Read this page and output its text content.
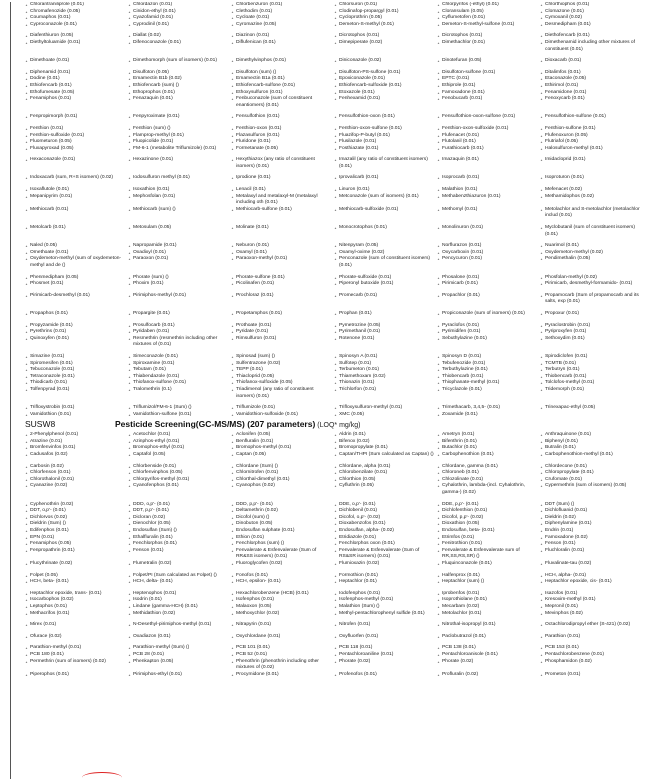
▲ Chlorantraniliprole (0.01)	▲ Chlordazon (0.01)	▲ Chlorbenzuron (0.01)	▲ Chlorsuron (0.01)	▲ Chlorpyrifos (-ethyl) (0.01)	▲ Chlorthiophos (0.01)
▲ Chromafenozide (0.05)	▲ Cinidon-ethyl (0.01)	▲ Clethodim (0.01)	▲ Clodinafop-propargyl (0.01)	▲ Cloransulam (0.05)	▲ Clomazone (0.01)
▲ Coumaphos (0.01)	▲ Cyazofamid (0.01)	▲ Cycloate (0.01)	▲ Cycloprothrin (0.05)	▲ Cyflumetofen (0.01)	▲ Cymoxanil (0.02)
▲ Cyproconazole (0.01)	▲ Cyprodinil (0.01)	▲ Cyromazine (0.05)	▲ Demeton-S-methyl (0.01)	▲ Demeton-S-methyl-sulfone (0.01)	▲ Desmedipham (0.01)
▲ Diafenthiuron (0.05)	▲ Diallat (0.02)	▲ Diazinon (0.01)	▲ Dicrotophos (0.01)	▲ Dicrotophos (0.01)	▲ Diethofencarb (0.01)
▲ Diethyltoluamide (0.01)	▲ Difenoconazole (0.01)	▲ Diflufenican (0.01)	▲ Dimepiperate (0.02)	▲ Dimethachlor (0.01)	▲ Dimethenamid including other mixtures of constituent (0.01)
▲ Dimethoate (0.01)	▲ Dimethomorph (sum of isomers) (0.01)	▲ Dimethylvinphos (0.01)	▲ Diniconazole (0.02)	▲ Dinotefuran (0.05)	▲ Dioxacarb (0.01)
▲ Diphenamid (0.01)	▲ Disulfoton (0.05)	▲ Disulfoton (sum) ()	▲ Disulfoton-PS-sulfone (0.01)	▲ Disulfoton-sulfone (0.01)	▲ Ditalimfos (0.01)
▲ Dodine (0.01)	▲ Emamectin B1b (0.02)	▲ Emamectin B1a (0.01)	▲ Epoxiconazole (0.01)	▲ EPTC (0.01)	▲ Etaconazole (0.05)
▲ Ethiofencarb (0.01)	▲ Ethiofencarb (sum) ()	▲ Ethiofencarb-sulfone (0.01)	▲ Ethiofencarb-sulfoxide (0.01)	▲ Ethiprole (0.01)	▲ Ethirimol (0.01)
▲ Ethofumesate (0.05)	▲ Ethoprophos (0.01)	▲ Ethoxysulfuron (0.01)	▲ Etoxazole (0.01)	▲ Famoxadone (0.01)	▲ Fenamidone (0.01)
▲ Fenamiphos (0.01)	▲ Fenazaquin (0.01)	▲ Fenbuconazole (sum of constituent enantiomers) (0.01)
▲ Fenhexamid (0.01)	▲ Fenobucarb (0.01)	▲ Fenoxycarb (0.01)
▲ Fenpropimorph (0.01)	▲ Fenpyroximate (0.01)	▲ Fensulfothion (0.01)	▲ Fensulfothion-oxon (0.01)	▲ Fensulfothion-oxon-sulfone (0.01)	▲ Fensulfothion-sulfone (0.01)
▲ Fenthion (0.01)	▲ Fenthion (sum) ()	▲ Fenthion-oxon (0.01)	▲ Fenthion-oxon-sulfone (0.01)	▲ Fenthion-oxon-sulfoxide (0.01)	▲ Fenthion-sulfone (0.01)
▲ Fenthion-sulfoxide (0.01)	▲ Flamprop-methyl (0.01)	▲ Flazasulfuron (0.01)	▲ Fluazifop-P-butyl (0.01)	▲ Flufenacet (0.01)	▲ Flufenoxuron (0.05)
▲ Fluometuron (0.05)	▲ Fluopicolide (0.01)	▲ Fluridone (0.01)	▲ Flusilazole (0.01)	▲ Flutolanil (0.01)	▲ Flutriafol (0.05)
▲ Fluxapyroxad (0.05)	▲ FM-6-1 (metabolite Triflumizole) (0.01)	▲ Formetanate (0.05)	▲ Fosthiazate (0.01)	▲ Furathiocarb (0.01)	▲ Halosulfuron-methyl (0.01)
▲ Hexaconazole (0.01)	▲ Hexazinone (0.01)	▲ Hexythiazox (any ratio of constituent isomers) (0.01)
▲ Imazalil (any ratio of constituent isomers) (0.01)
▲ Imazaquin (0.01)	▲ Imidacloprid (0.01)
▲ Indoxacarb (sum, R+S isomers) (0.02)	▲ Iodosulfuron methyl (0.01)	▲ Iprodione (0.01)	▲ Iprovalicarb (0.01)	▲ Isoprocarb (0.01)	▲ Isoproturon (0.01)
▲ Isoxaflutole (0.01)	▲ Isoxathion (0.01)	▲ Lenacil (0.01)	▲ Linuron (0.01)	▲ Malathion (0.01)	▲ Mefenacet (0.02)
▲ Mepanipyrim (0.01)	▲ Mephosfolan (0.01)	▲ Metalaxyl and metalaxyl-M (metalaxyl including oth (0.01)
▲ Metconazole (sum of isomers) (0.01)	▲ Methabenzthiazuron (0.01)	▲ Methamidophos (0.02)
▲ Methiocarb (0.01)	▲ Methiocarb (sum) ()	▲ Methiocarb-sulfone (0.01)	▲ Methiocarb-sulfoxide (0.01)	▲ Methomyl (0.01)	▲ Metolachlor and S-metolachlor (metolachlor includ (0.01)
▲ Metolcarb (0.01)	▲ Metosulam (0.05)	▲ Molinate (0.01)	▲ Monocrotophos (0.01)	▲ Monolinuron (0.01)	▲ Myclobutanil (sum of constituent isomers) (0.01)
▲ Naled (0.05)	▲ Napropamide (0.01)	▲ Neburon (0.01)	▲ Nitenpyram (0.05)	▲ Norflurazon (0.01)	▲ Nuarimol (0.01)
▲ Omethoate (0.01)	▲ Oxadixyl (0.01)	▲ Oxamyl (0.01)	▲ Oxamyl-oxime (0.02)	▲ Oxycarboxin (0.01)	▲ Oxydemeton-methyl (0.02)
▲ Oxydemeton-methyl (sum of oxydemeton-methyl and de ()
▲ Paraoxon (0.01)	▲ Paraoxon-methyl (0.01)	▲ Penconazole (sum of constituent isomers) (0.01)
▲ Pencycuron (0.01)	▲ Pendimethalin (0.05)
▲ Phenmedipham (0.05)	▲ Phorate (sum) ()	▲ Phorate-sulfone (0.01)	▲ Phorate-sulfoxide (0.01)	▲ Phosalone (0.01)	▲ Phosfolan-methyl (0.02)
▲ Phosmet (0.01)	▲ Phoxim (0.01)	▲ Picolinafen (0.01)	▲ Piperonyl butoxide (0.01)	▲ Pirimicarb (0.01)	▲ Pirimicarb, desmethyl-formamido- (0.01)
▲ Pirimicarb-desmethyl (0.01)	▲ Pirimiphos-methyl (0.01)	▲ Prochloraz (0.01)	▲ Promecarb (0.01)	▲ Propachlor (0.01)	▲ Propamocarb (Sum of propamocarb and its salts, exp (0.01)
▲ Propaphos (0.01)	▲ Propargite (0.01)	▲ Propetamphos (0.01)	▲ Prophan (0.01)	▲ Propiconazole (sum of isomers) (0.01)	▲ Propoxur (0.01)
▲ Propyzamide (0.01)	▲ Prosulfocarb (0.01)	▲ Prothoate (0.01)	▲ Pymetrozine (0.05)	▲ Pyraclofos (0.01)	▲ Pyraclostrobin (0.01)
▲ Pyrethrins (0.01)	▲ Pyridaben (0.01)	▲ Pyridate (0.01)	▲ Pyrimethanil (0.01)	▲ Pyrimidifen (0.01)	▲ Pyriproxyfen (0.01)
▲ Quinoxyfen (0.01)	▲ Resmethrin (resmethrin including other mixtures of (0.01)
▲ Rimsulfuron (0.01)	▲ Rotenone (0.01)	▲ Sebuthylazine (0.01)	▲ Sethoxydim (0.01)
▲ Simazine (0.01)	▲ Simeconazole (0.01)	▲ Spinosad (sum) ()	▲ Spinosyn A (0.01)	▲ Spinosyn D (0.01)	▲ Spirodiclofen (0.01)
▲ Spiromesifen (0.01)	▲ Spiroxamine (0.01)	▲ Sulfentrazone (0.02)	▲ Sulfotep (0.01)	▲ Tebufenozide (0.01)	▲ TCMTB (0.01)
▲ Tebuconazole (0.01)	▲ Tebutam (0.01)	▲ TEPP (0.01)	▲ Terbumeton (0.01)	▲ Terbuthylazine (0.01)	▲ Terbutryn (0.01)
▲ Tetraconazole (0.01)	▲ Thiabendazole (0.01)	▲ Thiacloprid (0.05)	▲ Thiamethoxam (0.02)	▲ Thiobencarb (0.01)	▲ Thiobencarb (0.01)
▲ Thiodicarb (0.01)	▲ Thiofanox-sulfone (0.01)	▲ Thiofanox-sulfoxide (0.05)	▲ Thionazin (0.01)	▲ Thiophanate-methyl (0.01)	▲ Tolclofos-methyl (0.01)
▲ Tolfenpyrad (0.01)	▲ Tralomethrin (0.1)	▲ Triadimenol (any ratio of constituent isomers) (0.01)
▲ Trichlorfon (0.01)	▲ Tricyclazole (0.01)	▲ Tridemorph (0.01)
▲ Trifloxystrobin (0.01)	▲ Triflumizol/FM-6-1 (Sum) ()	▲ Triflumizole (0.01)	▲ Trifloxysulfuron-methyl (0.01)	▲ Trimethacarb, 3,4,5- (0.01)	▲ Trinexapac-ethyl (0.05)
▲ Vamidothion (0.01)	▲ Vamidothion-sulfone (0.01)	▲ Vamidothion-sulfoxide (0.01)	▲ XMC (0.05)	▲ Zoxamide (0.01)
SUSW8	Pesticide Screening(GC-MS/MS) (207 parameters) (LOQ* mg/kg)
▲ 2-Phenylphenol (0.01)	▲ Acetochlor (0.01)	▲ Aclonifen (0.05)	▲ Aldrin (0.01)	▲ Ametryn (0.01)	▲ Anthraquinone (0.01)
▲ Atrazine (0.01)	▲ Azinphos-ethyl (0.01)	▲ Benfluralin (0.01)	▲ Bifenox (0.02)	▲ Bifenthrin (0.01)	▲ Biphenyl (0.01)
▲ Bromfenvinfos (0.01)	▲ Bromophos-ethyl (0.01)	▲ Bromophos-methyl (0.01)	▲ Bromopropylate (0.01)	▲ Butachlor (0.01)	▲ Butralin (0.01)
▲ Cadusafos (0.02)	▲ Captafol (0.05)	▲ Captan (0.05)	▲ Captan/THPI (Sum calculated as Captan) ()	▲ Carbophenothion (0.01)	▲ Carbophenothion-methyl (0.01)
▲ Carbosin (0.02)	▲ Chlorbenside (0.01)	▲ Chlordane (Sum) ()	▲ Chlordane, alpha (0.01)	▲ Chlordane, gamma (0.01)	▲ Chlordecone (0.01)
▲ Chlorfenson (0.01)	▲ Chlorfenvinphos (0.05)	▲ Chlornitrofen (0.01)	▲ Chlorobenzilate (0.01)	▲ Chloroneb (0.01)	▲ Chloropropylate (0.01)
▲ Chlorothalonil (0.01)	▲ Chlorpyrifos-methyl (0.01)	▲ Chlorthal-dimethyl (0.01)	▲ Chlorthion (0.05)	▲ Chlozolinate (0.01)	▲ Crufomate (0.01)
▲ Cyanazine (0.02)	▲ Cyanofenphos (0.01)	▲ Cyanophos (0.02)	▲ Cyfluthrin (0.05)	▲ Cyhalothrin, lambda-(incl. Cyhalothrin, gamma-) (0.02)
▲ Cypermethrin (sum of isomers) (0.05)
▲ Cyphenothrin (0.02)	▲ DDD, o,p'- (0.01)	▲ DDD, p,p'- (0.01)	▲ DDE, o,p'- (0.01)	▲ DDE, p,p'- (0.01)	▲ DDT (Sum) ()
▲ DDT, o,p'- (0.01)	▲ DDT, p,p'- (0.01)	▲ Deltamethrin (0.02)	▲ Dichlobenil (0.01)	▲ Dichlofenthion (0.01)	▲ Dichlofluanid (0.01)
▲ Dichlorvos (0.02)	▲ Dicloran (0.02)	▲ Dicofol (sum) ()	▲ Dicofol, o,p'- (0.02)	▲ Dicofol, p,p'- (0.02)	▲ Dieldrin (0.02)
▲ Dieldrin (Sum) ()	▲ Dienochlor (0.05)	▲ Dinobuton (0.05)	▲ Dioxabenzofos (0.01)	▲ Dioxathion (0.05)	▲ Diphenylamine (0.01)
▲ Edifenphos (0.01)	▲ Endosulfan (Sum) ()	▲ Endosulfan sulphate (0.01)	▲ Endosulfan, alpha- (0.02)	▲ Endosulfan, beta- (0.01)	▲ Endrin (0.01)
▲ EPN (0.01)	▲ Ethalfluralin (0.01)	▲ Ethion (0.01)	▲ Etridiazole (0.01)	▲ Etrimfos (0.01)	▲ Famoxadone (0.02)
▲ Fenamiphos (0.05)	▲ Fenchlorphos (0.01)	▲ Fenchlorphos (sum) ()	▲ Fenchlorphos oxon (0.01)	▲ Fenitrothion (0.01)	▲ Fenson (0.01)
▲ Fenpropathrin (0.01)	▲ Fenson (0.01)	▲ Fenvalerate & Esfenvalerate (Sum of RR&SS isomers) (0.01)
▲ Fenvalerate & Esfenvalerate (Sum of RS&SR isomers) (0.01)
▲ Fenvalerate & Esfenvalerate sum of RR,SS,RS,SR) ()
▲ Fluchloralin (0.01)
▲ Flucythrinate (0.02)	▲ Flumetralin (0.02)	▲ Fluoroglycofen (0.02)	▲ Flumioxazin (0.02)	▲ Fluquinconazole (0.01)	▲ Fluvalinate-tau (0.02)
▲ Folpet (0.05)	▲ Folpet/PI (Sum calculated as Folpet) ()	▲ Fonofos (0.01)	▲ Formothion (0.01)	▲ Halfenprox (0.01)	▲ HCH, alpha- (0.01)
▲ HCH, beta- (0.01)	▲ HCH, delta- (0.01)	▲ HCH, epsilon- (0.01)	▲ Heptachlor (0.01)	▲ Heptachlor (sum) ()	▲ Heptachlor epoxide, cis- (0.01)
▲ Heptachlor epoxide, trans- (0.01)	▲ Heptenophos (0.01)	▲ Hexachlorobenzene (HCB) (0.01)	▲ Iodofenphos (0.01)	▲ Iprobenfos (0.01)	▲ Isazofos (0.01)
▲ Isocarbophos (0.02)	▲ Isodrin (0.01)	▲ Isofenphos (0.01)	▲ Isofenphos-methyl (0.01)	▲ Isoprothiolane (0.01)	▲ Kresoxim-methyl (0.01)
▲ Leptophos (0.01)	▲ Lindane (gamma-HCH) (0.01)	▲ Malaoxon (0.05)	▲ Malathion (Sum) ()	▲ Mecarbam (0.02)	▲ Mepronil (0.01)
▲ Methacrifos (0.01)	▲ Methidathion (0.02)	▲ Methoxychlor (0.02)	▲ Methyl-pentachlorophenyl sulfide (0.01)	▲ Metolachlor (0.01)	▲ Mevinphos (0.02)
▲ Mirex (0.01)	▲ N-Desethyl-pirimiphos-methyl (0.01)	▲ Nitrapyrin (0.01)	▲ Nitrofen (0.01)	▲ Nitrothal-isopropyl (0.01)	▲ Octachlorodipropyl ether (S-421) (0.02)
▲ Ofurace (0.02)	▲ Oxadiazon (0.01)	▲ Oxychlordane (0.01)	▲ Oxyfluorfen (0.01)	▲ Paclobutrazol (0.01)	▲ Parathion (0.01)
▲ Parathion-methyl (0.01)	▲ Parathion-methyl (Sum) ()	▲ PCB 101 (0.01)	▲ PCB 118 (0.01)	▲ PCB 138 (0.01)	▲ PCB 153 (0.01)
▲ PCB 180 (0.01)	▲ PCB 28 (0.01)	▲ PCB 52 (0.01)	▲ Pentachloroaniline (0.01)	▲ Pentachloroanisole (0.01)	▲ Pentachlorobenzene (0.01)
▲ Permethrin (sum of isomers) (0.02)	▲ Phenkapton (0.05)	▲ Phenothrin (phenothrin including other mixtures of (0.02)
▲ Phorate (0.02)	▲ Phorate (0.02)	▲ Phosphamidon (0.02)
▲ Piperophos (0.01)	▲ Pirimiphos-ethyl (0.01)	▲ Procymidone (0.01)	▲ Profenofos (0.01)	▲ Profluralin (0.02)	▲ Prometon (0.01)
